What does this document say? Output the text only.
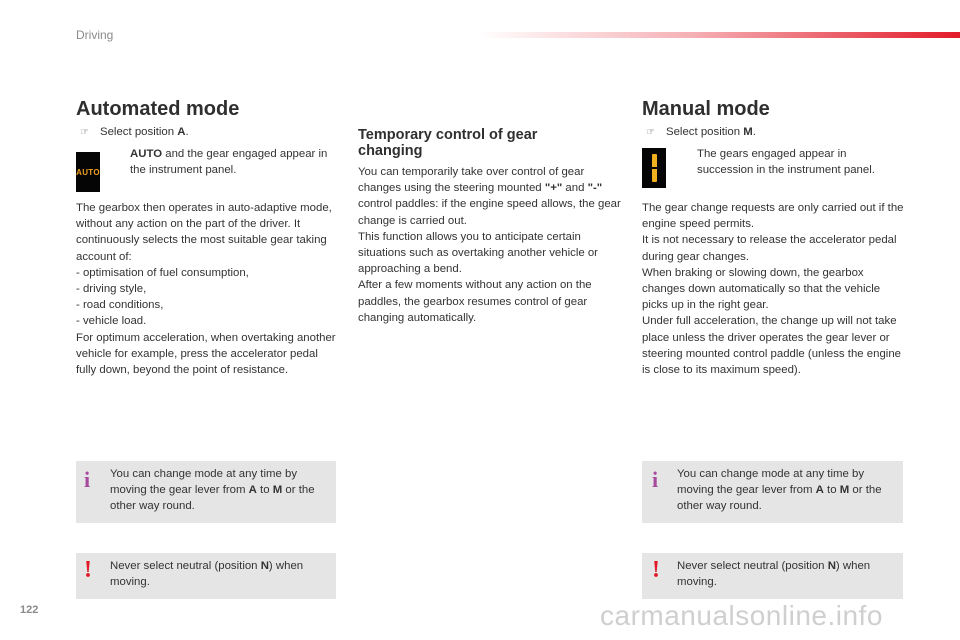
Driving
Automated mode
☞ Select position A.
AUTO
AUTO and the gear engaged appear in the instrument panel.
The gearbox then operates in auto-adaptive mode, without any action on the part of the driver. It continuously selects the most suitable gear taking account of:
- optimisation of fuel consumption,
- driving style,
- road conditions,
- vehicle load.
For optimum acceleration, when overtaking another vehicle for example, press the accelerator pedal fully down, beyond the point of resistance.
Temporary control of gear changing
You can temporarily take over control of gear changes using the steering mounted "+" and "-" control paddles: if the engine speed allows, the gear change is carried out.
This function allows you to anticipate certain situations such as overtaking another vehicle or approaching a bend.
After a few moments without any action on the paddles, the gearbox resumes control of gear changing automatically.
Manual mode
☞ Select position M.
The gears engaged appear in succession in the instrument panel.
The gear change requests are only carried out if the engine speed permits.
It is not necessary to release the accelerator pedal during gear changes.
When braking or slowing down, the gearbox changes down automatically so that the vehicle picks up in the right gear.
Under full acceleration, the change up will not take place unless the driver operates the gear lever or steering mounted control paddle (unless the engine is close to its maximum speed).
i You can change mode at any time by moving the gear lever from A to M or the other way round.
! Never select neutral (position N) when moving.
i You can change mode at any time by moving the gear lever from A to M or the other way round.
! Never select neutral (position N) when moving.
122	carmanualsonline.info
